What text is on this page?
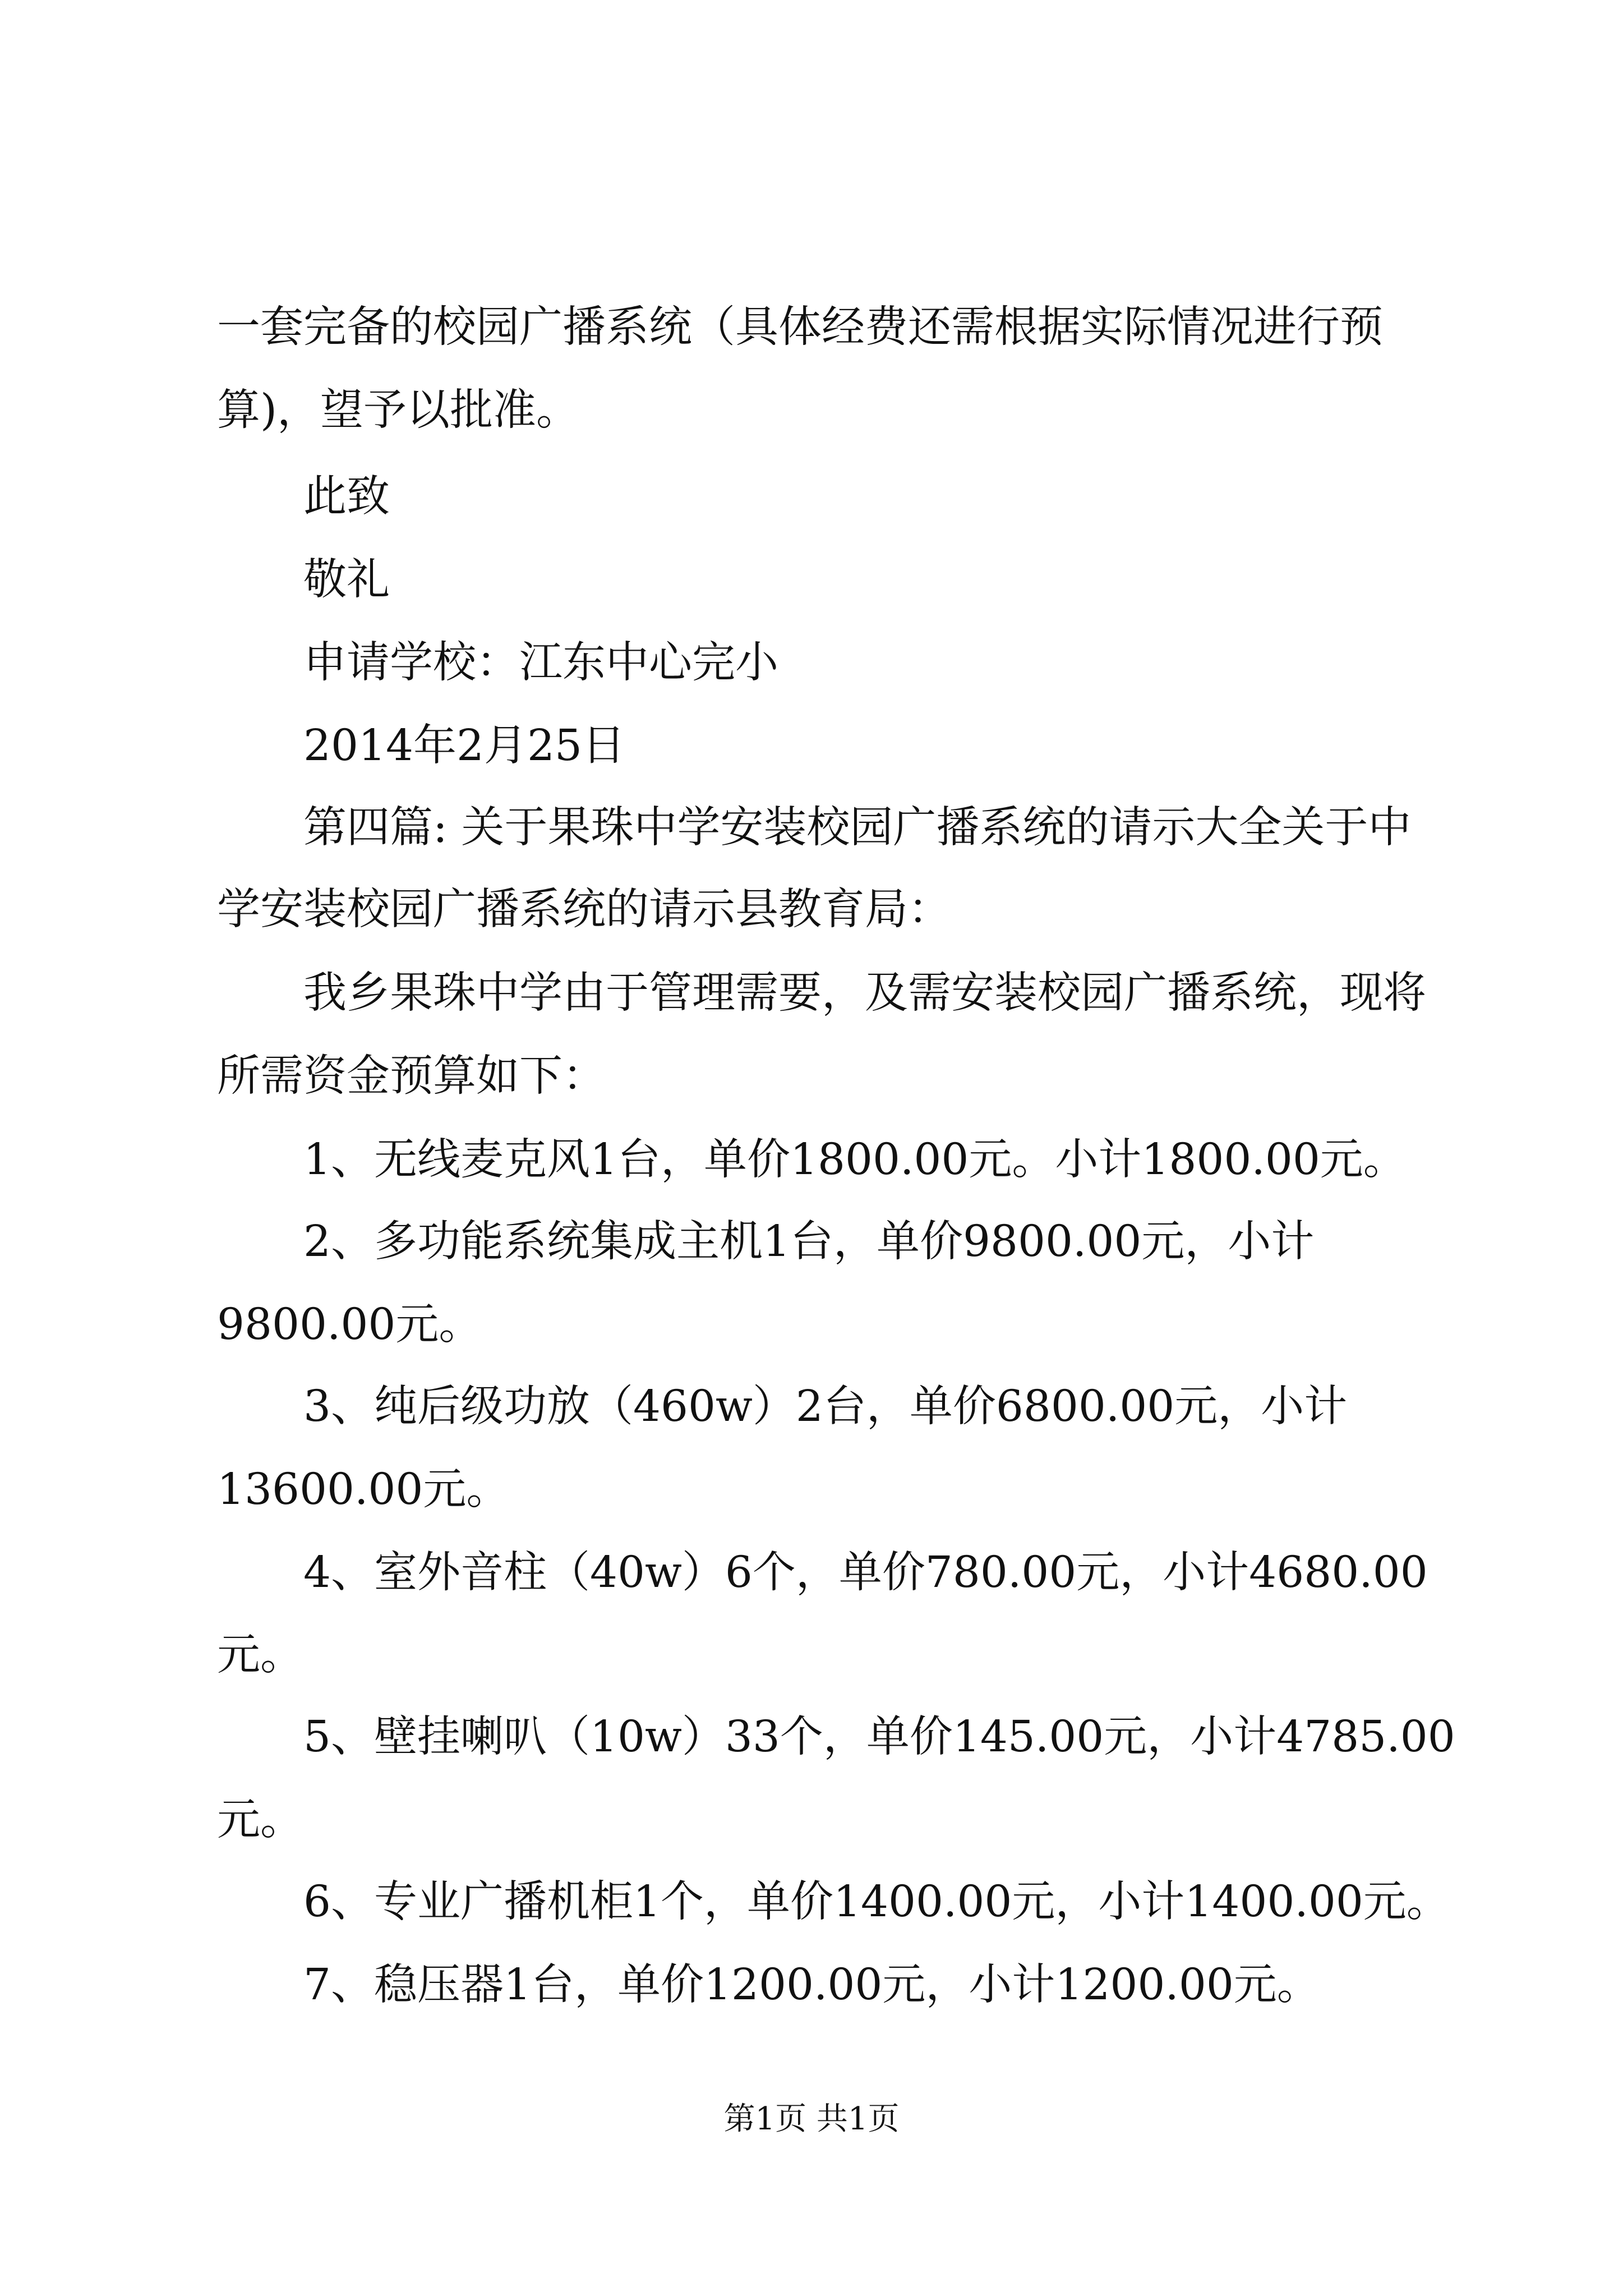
一套完备的校园广播系统（具体经费还需根据实际情况进行预
算)，望予以批准。
此致
敬礼
申请学校：江东中心完小
2014年2月25日
第四篇: 关于果珠中学安装校园广播系统的请示大全关于中
学安装校园广播系统的请示县教育局：
我乡果珠中学由于管理需要，及需安装校园广播系统，现将
所需资金预算如下：
1、无线麦克风1台，单价1800.00元。小计1800.00元。
2、多功能系统集成主机1台，单价9800.00元，小计
9800.00元。
3、纯后级功放（460w）2台，单价6800.00元，小计
13600.00元。
4、室外音柱（40w）6个，单价780.00元，小计4680.00
元。
5、壁挂喇叭（10w）33个，单价145.00元，小计4785.00
元。
6、专业广播机柜1个，单价1400.00元，小计1400.00元。
7、稳压器1台，单价1200.00元，小计1200.00元。
第1页 共1页
